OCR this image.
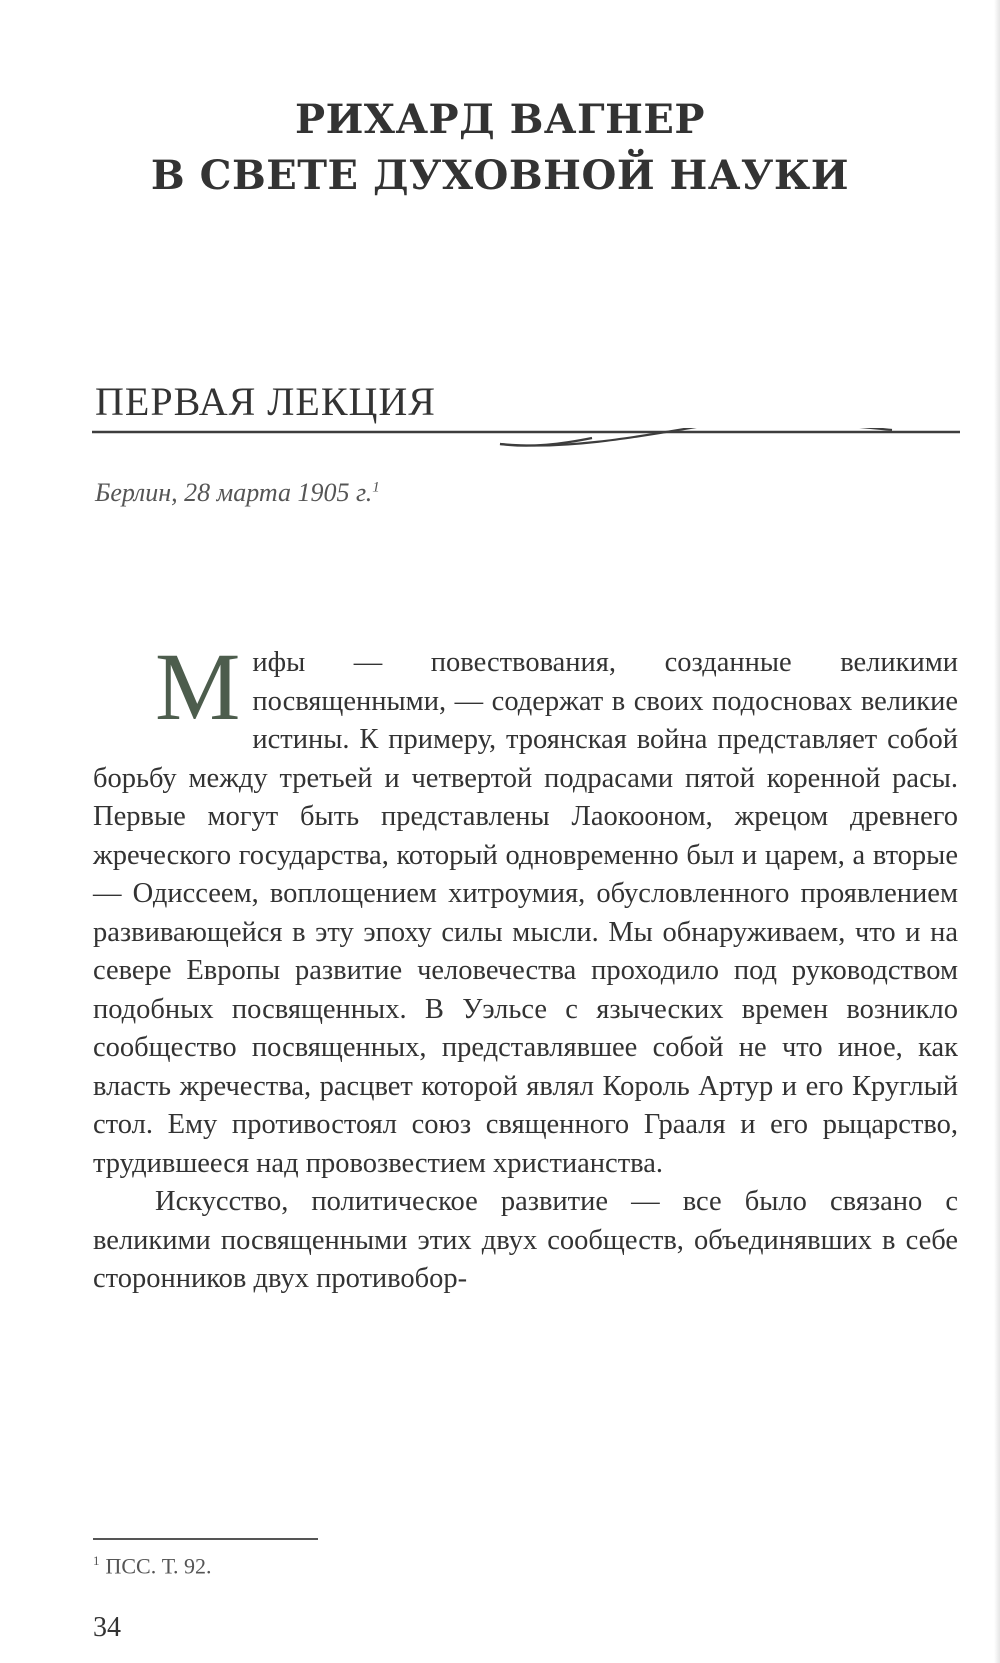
РИХАРД ВАГНЕР
В СВЕТЕ ДУХОВНОЙ НАУКИ
ПЕРВАЯ ЛЕКЦИЯ
Берлин, 28 марта 1905 г.$^1$

Мифы — повествования, созданные великими посвященными, — содержат в своих подосновах великие истины. К примеру, троянская война представляет собой борьбу между третьей и четвертой подрасами пятой коренной расы. Первые могут быть представлены Лаокооном, жрецом древнего жреческого государства, который одновременно был и царем, а вторые — Одиссеем, воплощением хитроумия, обусловленного проявлением развивающейся в эту эпоху силы мысли. Мы обнаруживаем, что и на севере Европы развитие человечества проходило под руководством подобных посвященных. В Уэльсе с языческих времен возникло сообщество посвященных, представлявшее собой не что иное, как власть жречества, расцвет которой являл Король Артур и его Круглый стол. Ему противостоял союз священного Грааля и его рыцарство, трудившееся над провозвестием христианства.

Искусство, политическое развитие — все было связано с великими посвященными этих двух сообществ, объединявших в себе сторонников двух противобор-

$^1$ ПСС. Т. 92.
34
